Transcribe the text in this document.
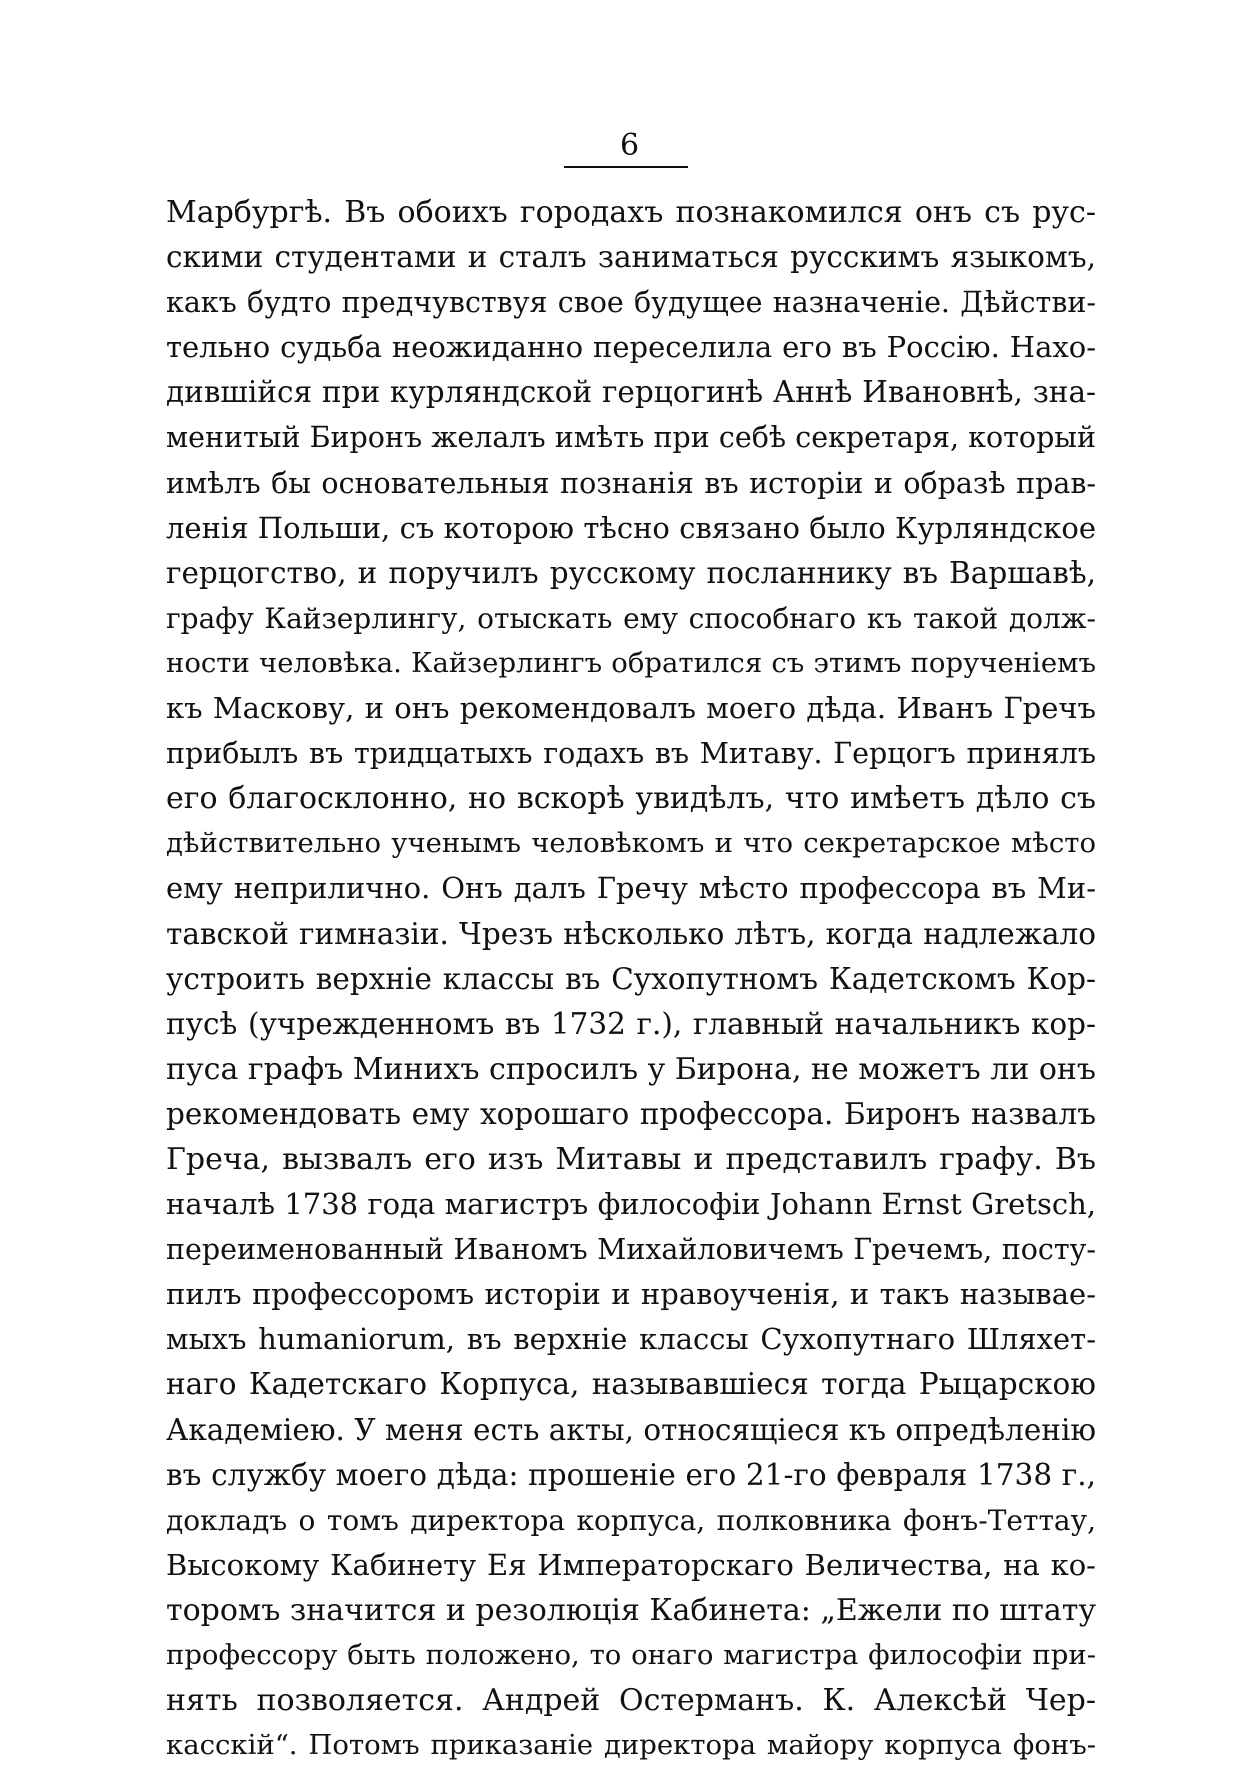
6
Марбургѣ. Въ обоихъ городахъ познакомился онъ съ рус-
скими студентами и сталъ заниматься русскимъ языкомъ,
какъ будто предчувствуя свое будущее назначеніе. Дѣйстви-
тельно судьба неожиданно переселила его въ Россію. Нахо-
дившійся при курляндской герцогинѣ Аннѣ Ивановнѣ, зна-
менитый Биронъ желалъ имѣть при себѣ секретаря, который
имѣлъ бы основательныя познанія въ исторіи и образѣ прав-
ленія Польши, съ которою тѣсно связано было Курляндское
герцогство, и поручилъ русскому посланнику въ Варшавѣ,
графу Кайзерлингу, отыскать ему способнаго къ такой долж-
ности человѣка. Кайзерлингъ обратился съ этимъ порученіемъ
къ Маскову, и онъ рекомендовалъ моего дѣда. Иванъ Гречъ
прибылъ въ тридцатыхъ годахъ въ Митаву. Герцогъ принялъ
его благосклонно, но вскорѣ увидѣлъ, что имѣетъ дѣло съ
дѣйствительно ученымъ человѣкомъ и что секретарское мѣсто
ему неприлично. Онъ далъ Гречу мѣсто профессора въ Ми-
тавской гимназіи. Чрезъ нѣсколько лѣтъ, когда надлежало
устроить верхніе классы въ Сухопутномъ Кадетскомъ Кор-
пусѣ (учрежденномъ въ 1732 г.), главный начальникъ кор-
пуса графъ Минихъ спросилъ у Бирона, не можетъ ли онъ
рекомендовать ему хорошаго профессора. Биронъ назвалъ
Греча, вызвалъ его изъ Митавы и представилъ графу. Въ
началѣ 1738 года магистръ философіи Johann Ernst Gretsch,
переименованный Иваномъ Михайловичемъ Гречемъ, посту-
пилъ профессоромъ исторіи и нравоученія, и такъ называе-
мыхъ humaniorum, въ верхніе классы Сухопутнаго Шляхет-
наго Кадетскаго Корпуса, называвшіеся тогда Рыцарскою
Академіею. У меня есть акты, относящіеся къ опредѣленію
въ службу моего дѣда: прошеніе его 21-го февраля 1738 г.,
докладъ о томъ директора корпуса, полковника фонъ-Теттау,
Высокому Кабинету Ея Императорскаго Величества, на ко-
торомъ значится и резолюція Кабинета: „Ежели по штату
профессору быть положено, то онаго магистра философіи при-
нять позволяется. Андрей Остерманъ. К. Алексѣй Чер-
касскій“. Потомъ приказаніе директора майору корпуса фонъ-
